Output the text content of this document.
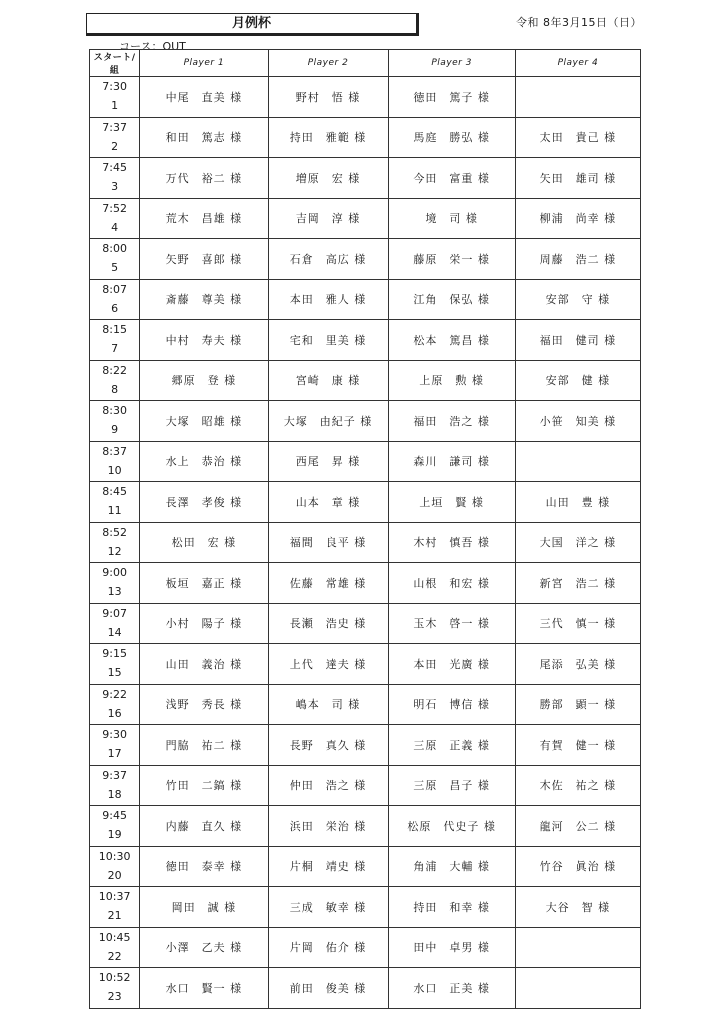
月例杯	令和 8年3月15日（日）
コース：OUT
スタート/組	Player 1	Player 2	Player 3	Player 4

7:30
1	中尾　直美 様	野村　悟 様	徳田　篤子 様	

7:37
2	和田　篤志 様	持田　雅範 様	馬庭　勝弘 様	太田　貴己 様

7:45
3	万代　裕二 様	増原　宏 様	今田　富重 様	矢田　雄司 様

7:52
4	荒木　昌雄 様	吉岡　淳 様	境　司 様	柳浦　尚幸 様

8:00
5	矢野　喜郎 様	石倉　高広 様	藤原　栄一 様	周藤　浩二 様

8:07
6	斎藤　尊美 様	本田　雅人 様	江角　保弘 様	安部　守 様

8:15
7	中村　寿夫 様	宅和　里美 様	松本　篤昌 様	福田　健司 様

8:22
8	郷原　登 様	宮崎　康 様	上原　勲 様	安部　健 様

8:30
9	大塚　昭雄 様	大塚　由紀子 様	福田　浩之 様	小笹　知美 様

8:37
10	水上　恭治 様	西尾　昇 様	森川　謙司 様	

8:45
11	長澤　孝俊 様	山本　章 様	上垣　賢 様	山田　豊 様

8:52
12	松田　宏 様	福間　良平 様	木村　慎吾 様	大国　洋之 様

9:00
13	板垣　嘉正 様	佐藤　常雄 様	山根　和宏 様	新宮　浩二 様

9:07
14	小村　陽子 様	長瀬　浩史 様	玉木　啓一 様	三代　慎一 様

9:15
15	山田　義治 様	上代　達夫 様	本田　光廣 様	尾添　弘美 様

9:22
16	浅野　秀長 様	嶋本　司 様	明石　博信 様	勝部　顕一 様

9:30
17	門脇　祐二 様	長野　真久 様	三原　正義 様	有賀　健一 様

9:37
18	竹田　二鎬 様	仲田　浩之 様	三原　昌子 様	木佐　祐之 様

9:45
19	内藤　直久 様	浜田　栄治 様	松原　代史子 様	龍河　公二 様

10:30
20	徳田　泰幸 様	片桐　靖史 様	角浦　大輔 様	竹谷　眞治 様

10:37
21	岡田　誠 様	三成　敏幸 様	持田　和幸 様	大谷　智 様

10:45
22	小澤　乙夫 様	片岡　佑介 様	田中　卓男 様	

10:52
23	水口　賢一 様	前田　俊美 様	水口　正美 様	
